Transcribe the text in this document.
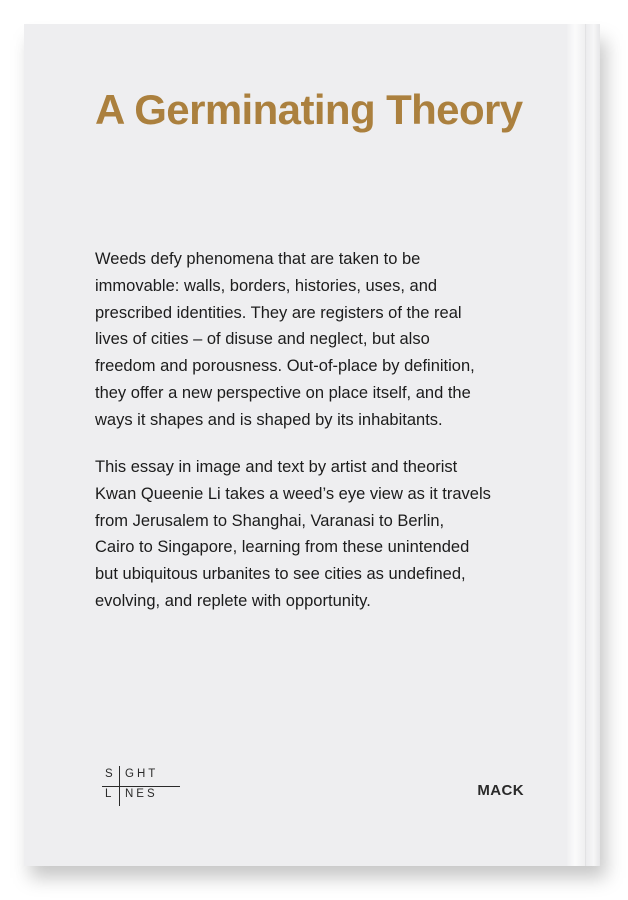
A Germinating Theory

Weeds defy phenomena that are taken to be
immovable: walls, borders, histories, uses, and
prescribed identities. They are registers of the real
lives of cities – of disuse and neglect, but also
freedom and porousness. Out-of-place by definition,
they offer a new perspective on place itself, and the
ways it shapes and is shaped by its inhabitants.

This essay in image and text by artist and theorist
Kwan Queenie Li takes a weed’s eye view as it travels
from Jerusalem to Shanghai, Varanasi to Berlin,
Cairo to Singapore, learning from these unintended
but ubiquitous urbanites to see cities as undefined,
evolving, and replete with opportunity.

S GHT
L NES	MACK
